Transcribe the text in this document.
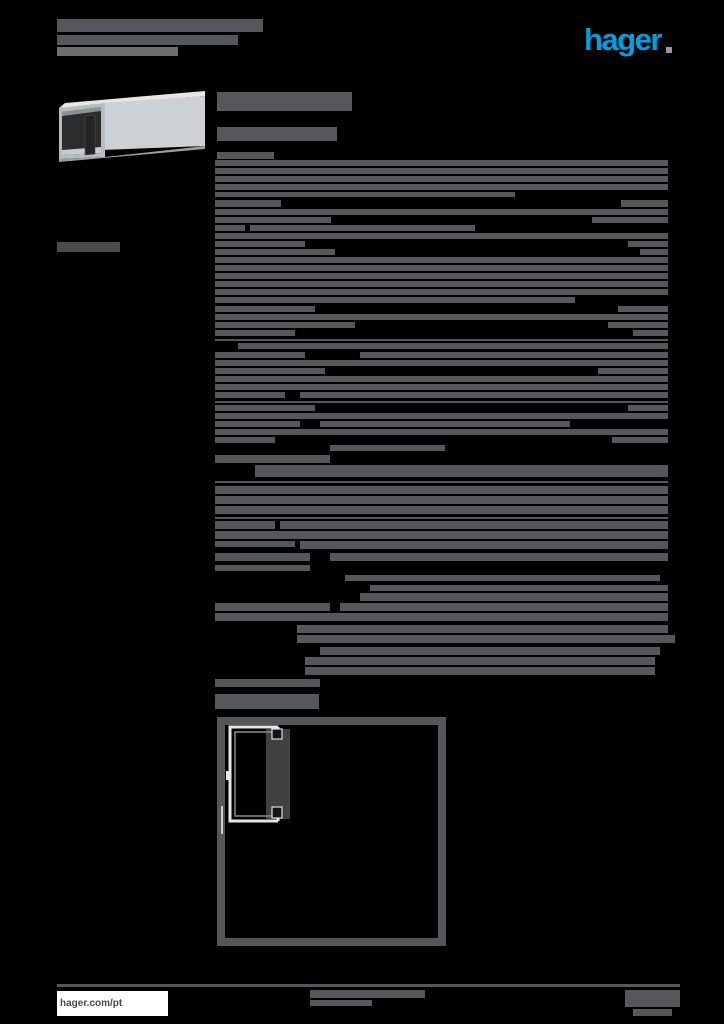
hager
hager.com/pt
